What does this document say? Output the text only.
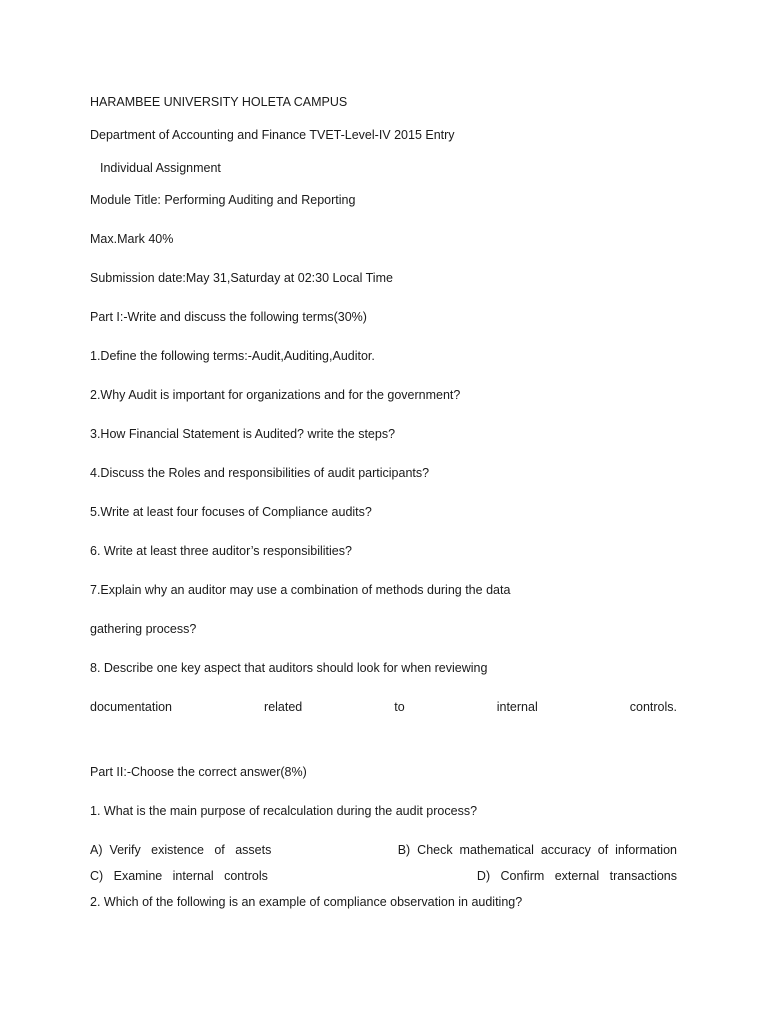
HARAMBEE UNIVERSITY HOLETA CAMPUS
Department of Accounting and Finance TVET-Level-IV 2015 Entry
Individual Assignment
Module Title: Performing Auditing and Reporting
Max.Mark 40%
Submission date:May 31,Saturday at 02:30 Local Time
Part I:-Write and discuss the following terms(30%)
1.Define the following terms:-Audit,Auditing,Auditor.
2.Why Audit is important for organizations and for the government?
3.How Financial Statement is Audited? write the steps?
4.Discuss the Roles and responsibilities of audit participants?
5.Write at least four focuses of Compliance audits?
6. Write at least three auditor’s responsibilities?
7.Explain why an auditor may use a combination of methods during the data
gathering process?
8. Describe one key aspect that auditors should look for when reviewing
documentation	related	to	internal	controls.
Part II:-Choose the correct answer(8%)
1. What is the main purpose of recalculation during the audit process?
A)  Verify   existence   of   assets	B)  Check  mathematical  accuracy  of  information
C)   Examine   internal   controls	D)   Confirm   external   transactions
2. Which of the following is an example of compliance observation in auditing?
